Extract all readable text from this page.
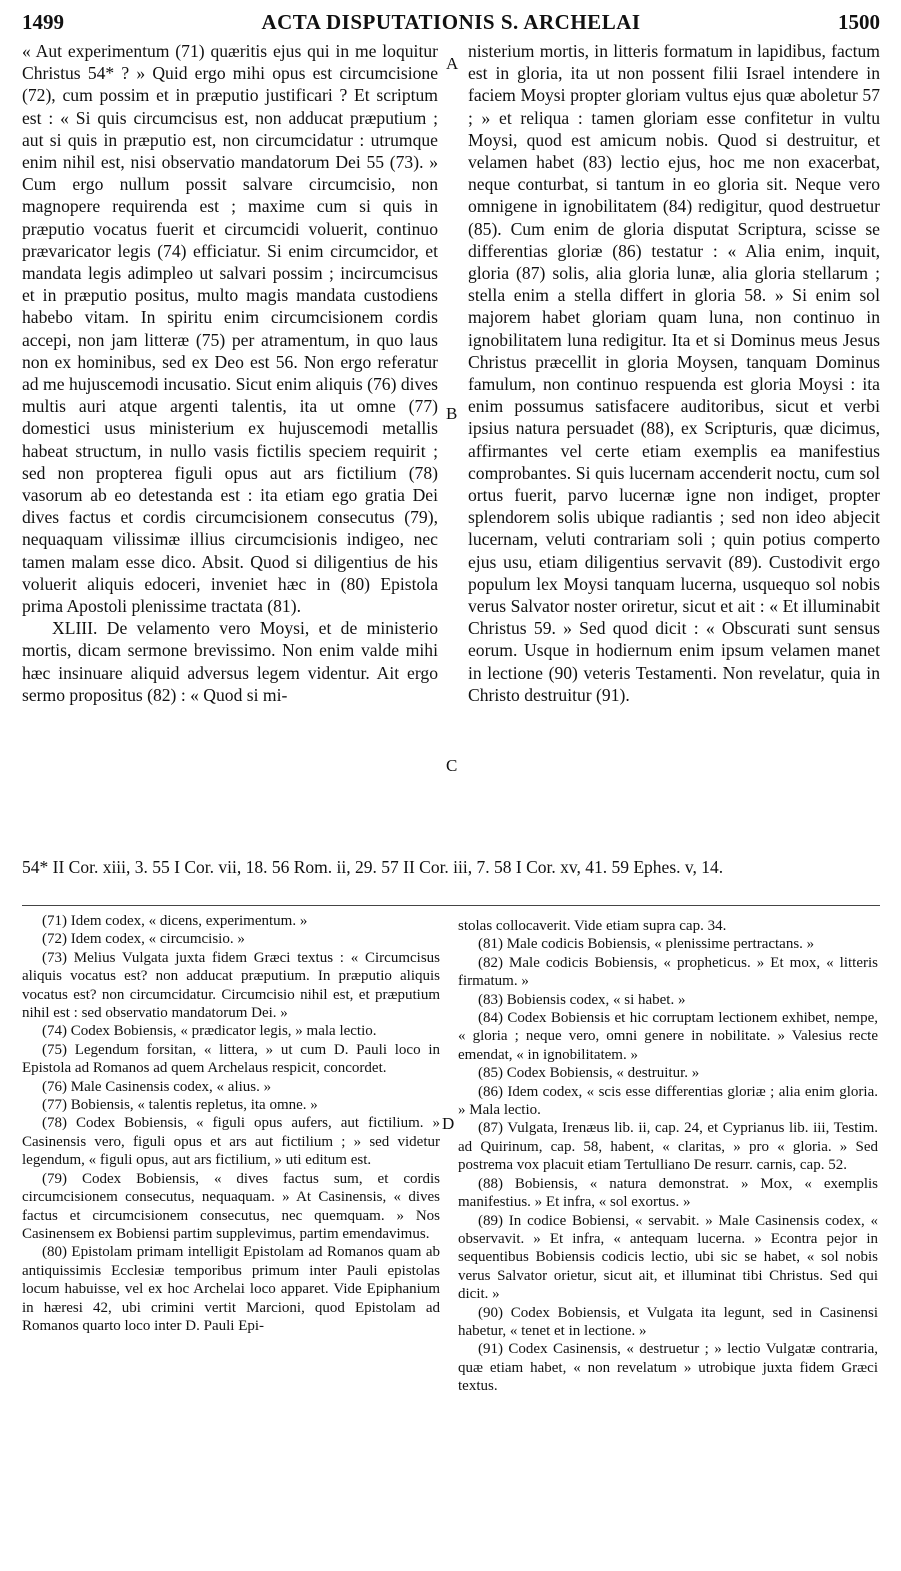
1499	ACTA DISPUTATIONIS S. ARCHELAI	1500

« Aut experimentum (71) quæritis ejus qui in me loquitur Christus 54* ? » Quid ergo mihi opus est circumcisione (72), cum possim et in præputio justificari ? Et scriptum est : « Si quis circumcisus est, non adducat præputium ; aut si quis in præputio est, non circumcidatur : utrumque enim nihil est, nisi observatio mandatorum Dei 55 (73). » Cum ergo nullum possit salvare circumcisio, non magnopere requirenda est ; maxime cum si quis in præputio vocatus fuerit et circumcidi voluerit, continuo prævaricator legis (74) efficiatur. Si enim circumcidor, et mandata legis adimpleo ut salvari possim ; incircumcisus et in præputio positus, multo magis mandata custodiens habebo vitam. In spiritu enim circumcisionem cordis accepi, non jam litteræ (75) per atramentum, in quo laus non ex hominibus, sed ex Deo est 56. Non ergo referatur ad me hujuscemodi incusatio. Sicut enim aliquis (76) dives multis auri atque argenti talentis, ita ut omne (77) domestici usus ministerium ex hujuscemodi metallis habeat structum, in nullo vasis fictilis speciem requirit ; sed non propterea figuli opus aut ars fictilium (78) vasorum ab eo detestanda est : ita etiam ego gratia Dei dives factus et cordis circumcisionem consecutus (79), nequaquam vilissimæ illius circumcisionis indigeo, nec tamen malam esse dico. Absit. Quod si diligentius de his voluerit aliquis edoceri, inveniet hæc in (80) Epistola prima Apostoli plenissime tractata (81).

XLIII. De velamento vero Moysi, et de ministerio mortis, dicam sermone brevissimo. Non enim valde mihi hæc insinuare aliquid adversus legem videntur. Ait ergo sermo propositus (82) : « Quod si mi-

A
B
C

nisterium mortis, in litteris formatum in lapidibus, factum est in gloria, ita ut non possent filii Israel intendere in faciem Moysi propter gloriam vultus ejus quæ aboletur 57 ; » et reliqua : tamen gloriam esse confitetur in vultu Moysi, quod est amicum nobis. Quod si destruitur, et velamen habet (83) lectio ejus, hoc me non exacerbat, neque conturbat, si tantum in eo gloria sit. Neque vero omnigene in ignobilitatem (84) redigitur, quod destruetur (85). Cum enim de gloria disputat Scriptura, scisse se differentias gloriæ (86) testatur : « Alia enim, inquit, gloria (87) solis, alia gloria lunæ, alia gloria stellarum ; stella enim a stella differt in gloria 58. » Si enim sol majorem habet gloriam quam luna, non continuo in ignobilitatem luna redigitur. Ita et si Dominus meus Jesus Christus præcellit in gloria Moysen, tanquam Dominus famulum, non continuo respuenda est gloria Moysi : ita enim possumus satisfacere auditoribus, sicut et verbi ipsius natura persuadet (88), ex Scripturis, quæ dicimus, affirmantes vel certe etiam exemplis ea manifestius comprobantes. Si quis lucernam accenderit noctu, cum sol ortus fuerit, parvo lucernæ igne non indiget, propter splendorem solis ubique radiantis ; sed non ideo abjecit lucernam, veluti contrariam soli ; quin potius comperto ejus usu, etiam diligentius servavit (89). Custodivit ergo populum lex Moysi tanquam lucerna, usquequo sol nobis verus Salvator noster oriretur, sicut et ait : « Et illuminabit Christus 59. » Sed quod dicit : « Obscurati sunt sensus eorum. Usque in hodiernum enim ipsum velamen manet in lectione (90) veteris Testamenti. Non revelatur, quia in Christo destruitur (91).

54* II Cor. xiii, 3. 55 I Cor. vii, 18. 56 Rom. ii, 29. 57 II Cor. iii, 7. 58 I Cor. xv, 41. 59 Ephes. v, 14.

(71) Idem codex, « dicens, experimentum. »

(72) Idem codex, « circumcisio. »

(73) Melius Vulgata juxta fidem Græci textus : « Circumcisus aliquis vocatus est? non adducat præputium. In præputio aliquis vocatus est? non circumcidatur. Circumcisio nihil est, et præputium nihil est : sed observatio mandatorum Dei. »

(74) Codex Bobiensis, « prædicator legis, » mala lectio.

(75) Legendum forsitan, « littera, » ut cum D. Pauli loco in Epistola ad Romanos ad quem Archelaus respicit, concordet.

(76) Male Casinensis codex, « alius. »

(77) Bobiensis, « talentis repletus, ita omne. »

(78) Codex Bobiensis, « figuli opus aufers, aut fictilium. » Casinensis vero, figuli opus et ars aut fictilium ; » sed videtur legendum, « figuli opus, aut ars fictilium, » uti editum est.

(79) Codex Bobiensis, « dives factus sum, et cordis circumcisionem consecutus, nequaquam. » At Casinensis, « dives factus et circumcisionem consecutus, nec quemquam. » Nos Casinensem ex Bobiensi partim supplevimus, partim emendavimus.

(80) Epistolam primam intelligit Epistolam ad Romanos quam ab antiquissimis Ecclesiæ temporibus primum inter Pauli epistolas locum habuisse, vel ex hoc Archelai loco apparet. Vide Epiphanium in hæresi 42, ubi crimini vertit Marcioni, quod Epistolam ad Romanos quarto loco inter D. Pauli Epi-

D

stolas collocaverit. Vide etiam supra cap. 34.

(81) Male codicis Bobiensis, « plenissime pertractans. »

(82) Male codicis Bobiensis, « propheticus. » Et mox, « litteris firmatum. »

(83) Bobiensis codex, « si habet. »

(84) Codex Bobiensis et hic corruptam lectionem exhibet, nempe, « gloria ; neque vero, omni genere in nobilitate. » Valesius recte emendat, « in ignobilitatem. »

(85) Codex Bobiensis, « destruitur. »

(86) Idem codex, « scis esse differentias gloriæ ; alia enim gloria. » Mala lectio.

(87) Vulgata, Irenæus lib. ii, cap. 24, et Cyprianus lib. iii, Testim. ad Quirinum, cap. 58, habent, « claritas, » pro « gloria. » Sed postrema vox placuit etiam Tertulliano De resurr. carnis, cap. 52.

(88) Bobiensis, « natura demonstrat. » Mox, « exemplis manifestius. » Et infra, « sol exortus. »

(89) In codice Bobiensi, « servabit. » Male Casinensis codex, « observavit. » Et infra, « antequam lucerna. » Econtra pejor in sequentibus Bobiensis codicis lectio, ubi sic se habet, « sol nobis verus Salvator orietur, sicut ait, et illuminat tibi Christus. Sed qui dicit. »

(90) Codex Bobiensis, et Vulgata ita legunt, sed in Casinensi habetur, « tenet et in lectione. »

(91) Codex Casinensis, « destruetur ; » lectio Vulgatæ contraria, quæ etiam habet, « non revelatum » utrobique juxta fidem Græci textus.
